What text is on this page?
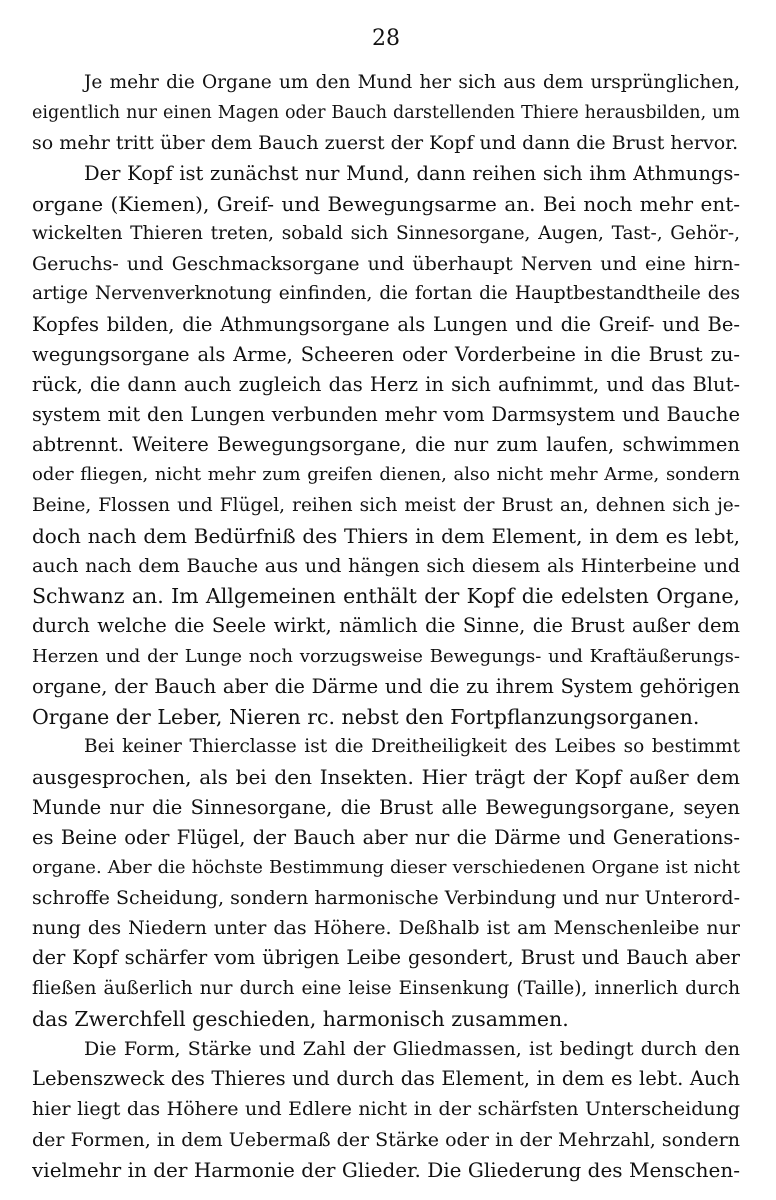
28
Je mehr die Organe um den Mund her sich aus dem ursprünglichen,
eigentlich nur einen Magen oder Bauch darstellenden Thiere herausbilden, um
so mehr tritt über dem Bauch zuerst der Kopf und dann die Brust hervor.
Der Kopf ist zunächst nur Mund, dann reihen sich ihm Athmungs-
organe (Kiemen), Greif- und Bewegungsarme an. Bei noch mehr ent-
wickelten Thieren treten, sobald sich Sinnesorgane, Augen, Tast-, Gehör-,
Geruchs- und Geschmacksorgane und überhaupt Nerven und eine hirn-
artige Nervenverknotung einfinden, die fortan die Hauptbestandtheile des
Kopfes bilden, die Athmungsorgane als Lungen und die Greif- und Be-
wegungsorgane als Arme, Scheeren oder Vorderbeine in die Brust zu-
rück, die dann auch zugleich das Herz in sich aufnimmt, und das Blut-
system mit den Lungen verbunden mehr vom Darmsystem und Bauche
abtrennt. Weitere Bewegungsorgane, die nur zum laufen, schwimmen
oder fliegen, nicht mehr zum greifen dienen, also nicht mehr Arme, sondern
Beine, Flossen und Flügel, reihen sich meist der Brust an, dehnen sich je-
doch nach dem Bedürfniß des Thiers in dem Element, in dem es lebt,
auch nach dem Bauche aus und hängen sich diesem als Hinterbeine und
Schwanz an. Im Allgemeinen enthält der Kopf die edelsten Organe,
durch welche die Seele wirkt, nämlich die Sinne, die Brust außer dem
Herzen und der Lunge noch vorzugsweise Bewegungs- und Kraftäußerungs-
organe, der Bauch aber die Därme und die zu ihrem System gehörigen
Organe der Leber, Nieren rc. nebst den Fortpflanzungsorganen.
Bei keiner Thierclasse ist die Dreitheiligkeit des Leibes so bestimmt
ausgesprochen, als bei den Insekten. Hier trägt der Kopf außer dem
Munde nur die Sinnesorgane, die Brust alle Bewegungsorgane, seyen
es Beine oder Flügel, der Bauch aber nur die Därme und Generations-
organe. Aber die höchste Bestimmung dieser verschiedenen Organe ist nicht
schroffe Scheidung, sondern harmonische Verbindung und nur Unterord-
nung des Niedern unter das Höhere. Deßhalb ist am Menschenleibe nur
der Kopf schärfer vom übrigen Leibe gesondert, Brust und Bauch aber
fließen äußerlich nur durch eine leise Einsenkung (Taille), innerlich durch
das Zwerchfell geschieden, harmonisch zusammen.
Die Form, Stärke und Zahl der Gliedmassen, ist bedingt durch den
Lebenszweck des Thieres und durch das Element, in dem es lebt. Auch
hier liegt das Höhere und Edlere nicht in der schärfsten Unterscheidung
der Formen, in dem Uebermaß der Stärke oder in der Mehrzahl, sondern
vielmehr in der Harmonie der Glieder. Die Gliederung des Menschen-
